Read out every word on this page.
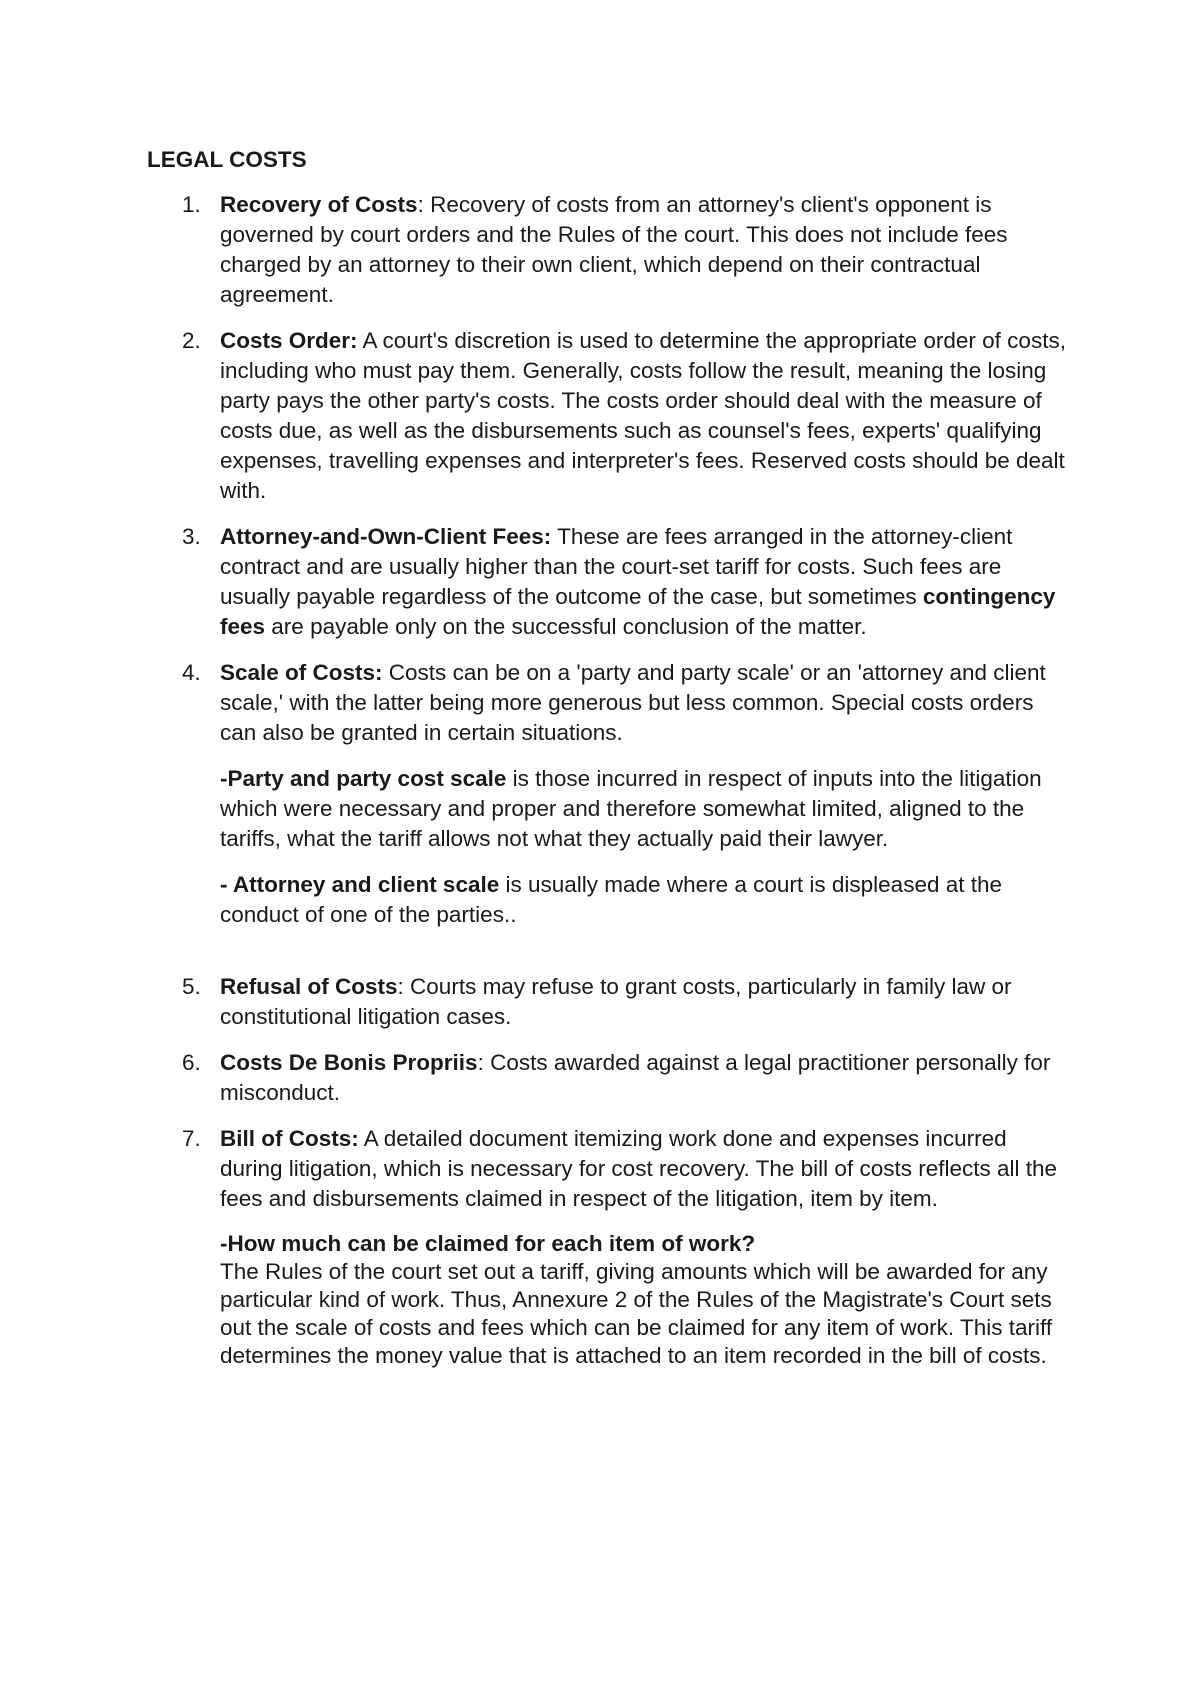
LEGAL COSTS
1. Recovery of Costs: Recovery of costs from an attorney's client's opponent is governed by court orders and the Rules of the court. This does not include fees charged by an attorney to their own client, which depend on their contractual agreement.

2. Costs Order: A court's discretion is used to determine the appropriate order of costs, including who must pay them. Generally, costs follow the result, meaning the losing party pays the other party's costs. The costs order should deal with the measure of costs due, as well as the disbursements such as counsel's fees, experts' qualifying expenses, travelling expenses and interpreter's fees. Reserved costs should be dealt with.

3. Attorney-and-Own-Client Fees: These are fees arranged in the attorney-client contract and are usually higher than the court-set tariff for costs. Such fees are usually payable regardless of the outcome of the case, but sometimes contingency fees are payable only on the successful conclusion of the matter.

4. Scale of Costs: Costs can be on a 'party and party scale' or an 'attorney and client scale,' with the latter being more generous but less common. Special costs orders can also be granted in certain situations.

-Party and party cost scale is those incurred in respect of inputs into the litigation which were necessary and proper and therefore somewhat limited, aligned to the tariffs, what the tariff allows not what they actually paid their lawyer.

- Attorney and client scale is usually made where a court is displeased at the conduct of one of the parties..

5. Refusal of Costs: Courts may refuse to grant costs, particularly in family law or constitutional litigation cases.

6. Costs De Bonis Propriis: Costs awarded against a legal practitioner personally for misconduct.

7. Bill of Costs: A detailed document itemizing work done and expenses incurred during litigation, which is necessary for cost recovery. The bill of costs reflects all the fees and disbursements claimed in respect of the litigation, item by item.

-How much can be claimed for each item of work?
The Rules of the court set out a tariff, giving amounts which will be awarded for any particular kind of work. Thus, Annexure 2 of the Rules of the Magistrate's Court sets out the scale of costs and fees which can be claimed for any item of work. This tariff determines the money value that is attached to an item recorded in the bill of costs.
